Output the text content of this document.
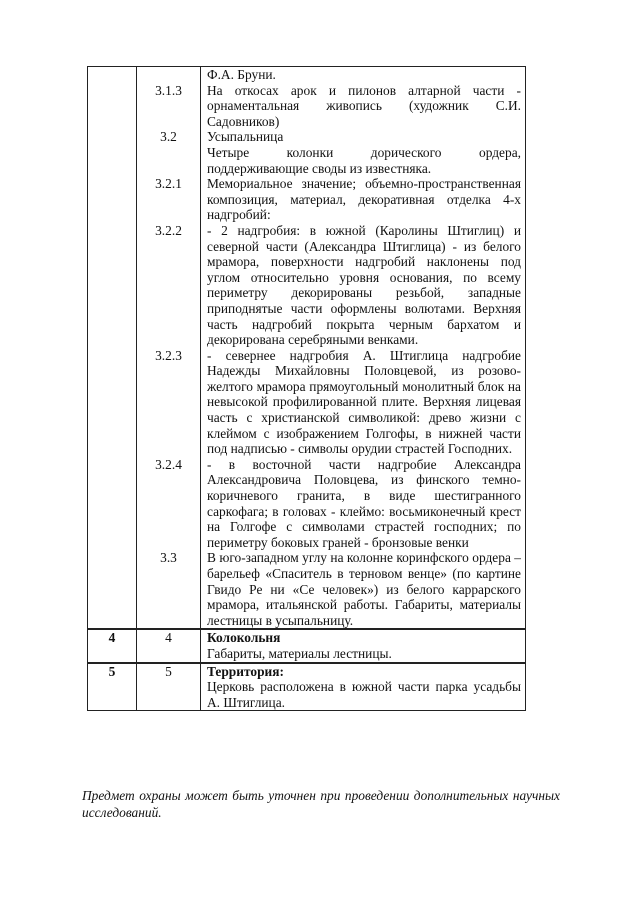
		Ф.А. Бруни.
	3.1.3	На откосах арок и пилонов алтарной части - орнаментальная живопись (художник С.И. Садовников)
	3.2	Усыпальница
		Четыре колонки дорического ордера, поддерживающие своды из известняка.
	3.2.1	Мемориальное значение; объемно-пространственная композиция, материал, декоративная отделка 4-х надгробий:
	3.2.2	- 2 надгробия: в южной (Каролины Штиглиц) и северной части (Александра Штиглица) - из белого мрамора, поверхности надгробий наклонены под углом относительно уровня основания, по всему периметру декорированы резьбой, западные приподнятые части оформлены волютами. Верхняя часть надгробий покрыта черным бархатом и декорирована серебряными венками.
	3.2.3	- севернее надгробия А. Штиглица надгробие Надежды Михайловны Половцевой, из розово-желтого мрамора прямоугольный монолитный блок на невысокой профилированной плите. Верхняя лицевая часть с христианской символикой: древо жизни с клеймом с изображением Голгофы, в нижней части под надписью - символы орудии страстей Господних.
	3.2.4	- в восточной части надгробие Александра Александровича Половцева, из финского темно-коричневого гранита, в виде шестигранного саркофага; в головах - клеймо: восьмиконечный крест на Голгофе с символами страстей господних; по периметру боковых граней - бронзовые венки
	3.3	В юго-западном углу на колонне коринфского ордера – барельеф «Спаситель в терновом венце» (по картине Гвидо Ре ни «Се человек») из белого каррарского мрамора, итальянской работы. Габариты, материалы лестницы в усыпальницу.
4	4	Колокольня
Габариты, материалы лестницы.

5	5	Территория:
Церковь расположена в южной части парка усадьбы А. Штиглица.
Предмет охраны может быть уточнен при проведении дополнительных научных исследований.
